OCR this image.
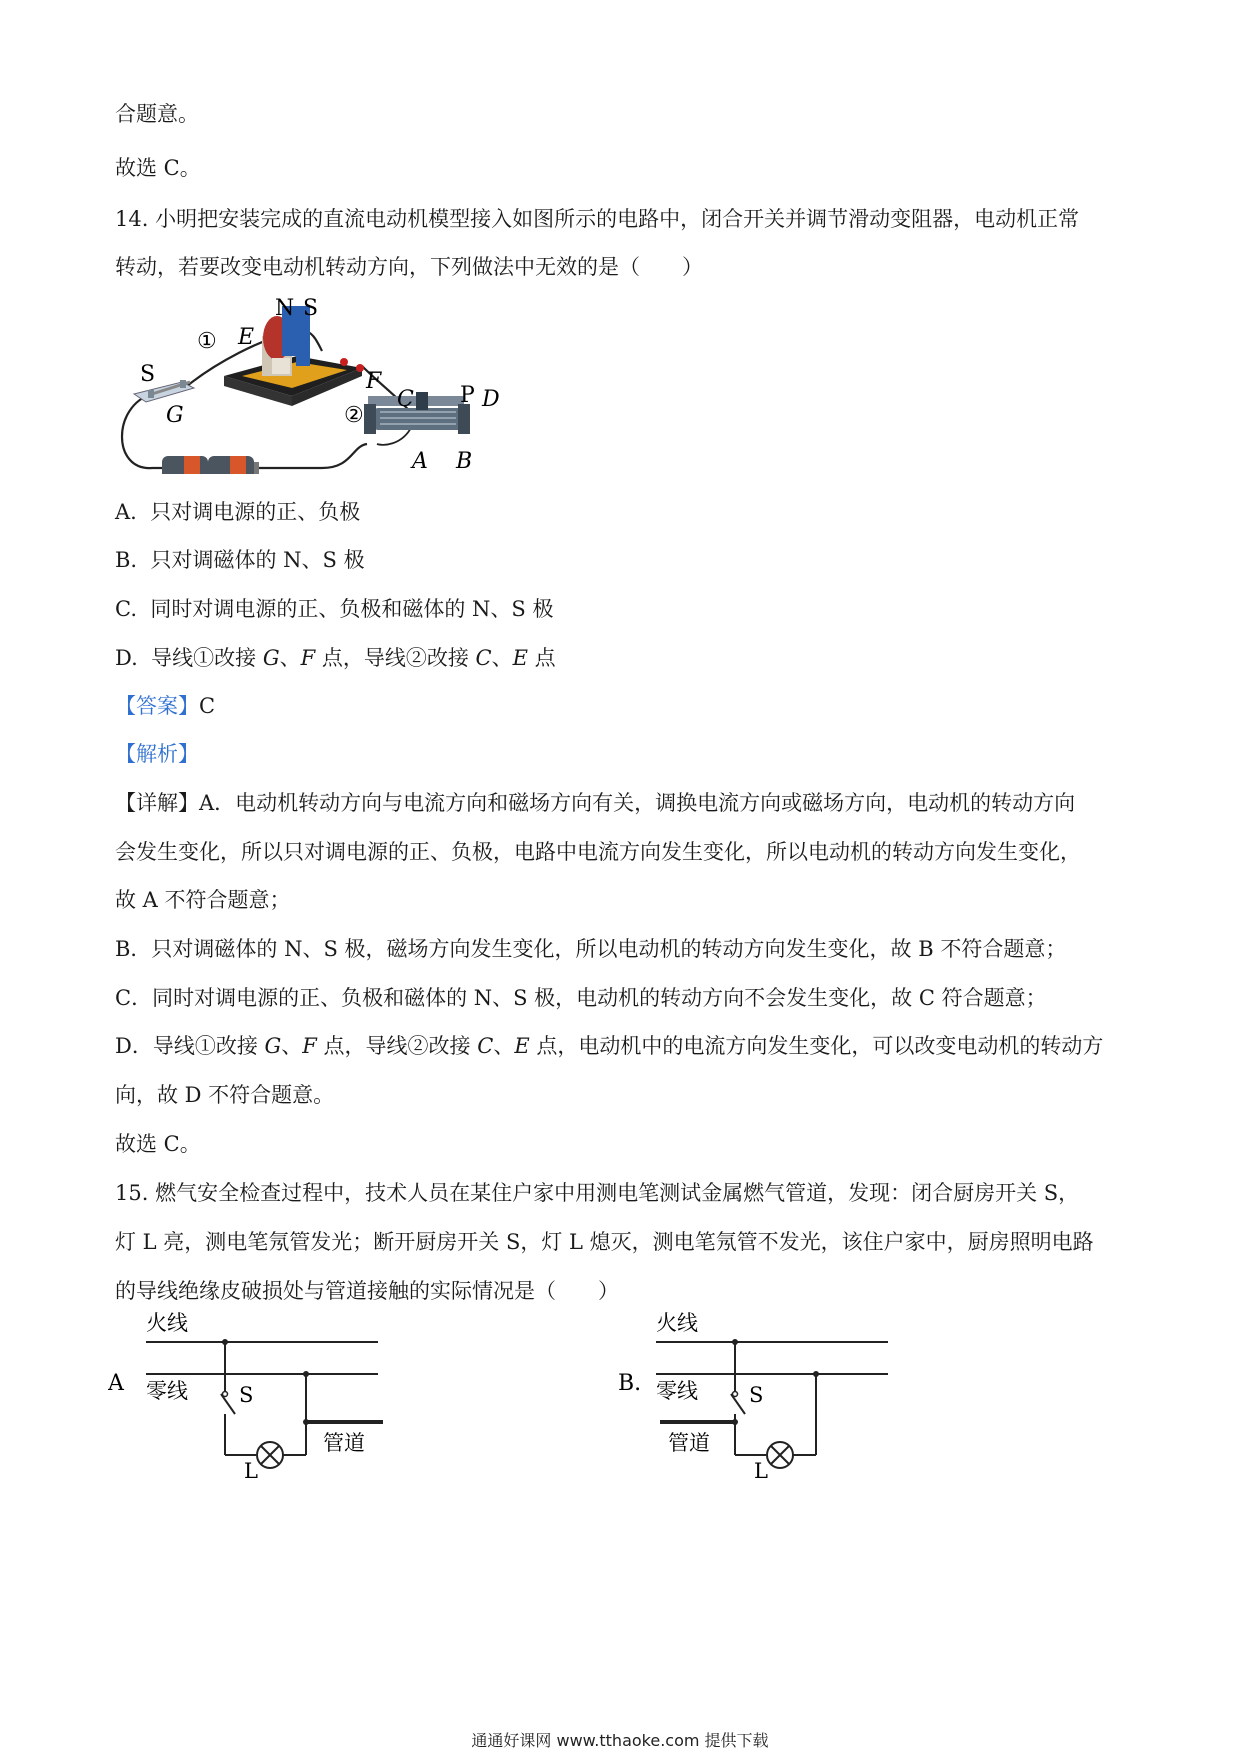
合题意。
故选 C。
14. 小明把安装完成的直流电动机模型接入如图所示的电路中，闭合开关并调节滑动变阻器，电动机正常
转动，若要改变电动机转动方向，下列做法中无效的是（　　）
N S
E
①
F
②
S
G
C P D
A B
A. 只对调电源的正、负极
B. 只对调磁体的 N、S 极
C. 同时对调电源的正、负极和磁体的 N、S 极
D. 导线①改接 G、F 点，导线②改接 C、E 点
【答案】C
【解析】
【详解】A．电动机转动方向与电流方向和磁场方向有关，调换电流方向或磁场方向，电动机的转动方向
会发生变化，所以只对调电源的正、负极，电路中电流方向发生变化，所以电动机的转动方向发生变化，
故 A 不符合题意；
B．只对调磁体的 N、S 极，磁场方向发生变化，所以电动机的转动方向发生变化，故 B 不符合题意；
C．同时对调电源的正、负极和磁体的 N、S 极，电动机的转动方向不会发生变化，故 C 符合题意；
D．导线①改接 G、F 点，导线②改接 C、E 点，电动机中的电流方向发生变化，可以改变电动机的转动方
向，故 D 不符合题意。
故选 C。
15. 燃气安全检查过程中，技术人员在某住户家中用测电笔测试金属燃气管道，发现：闭合厨房开关 S，
灯 L 亮，测电笔氖管发光；断开厨房开关 S，灯 L 熄灭，测电笔氖管不发光，该住户家中，厨房照明电路
的导线绝缘皮破损处与管道接触的实际情况是（　　）
A
火线
零线 S
管道
L
B.
火线
零线 S
管道
L
通通好课网 www.tthaoke.com 提供下载
